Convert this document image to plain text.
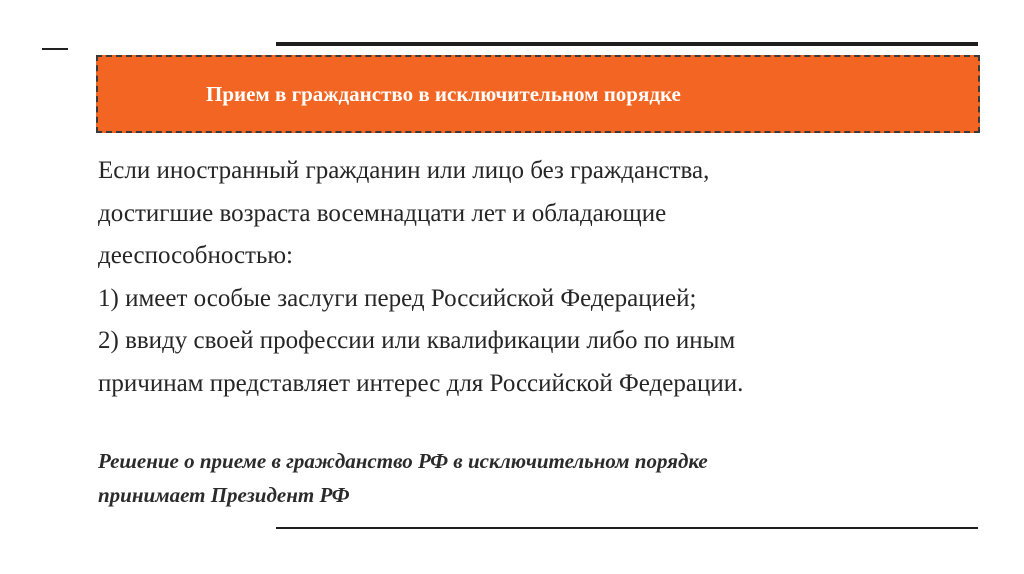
Прием в гражданство в исключительном порядке

Если иностранный гражданин или лицо без гражданства,
достигшие возраста восемнадцати лет и обладающие
дееспособностью:
1) имеет особые заслуги перед Российской Федерацией;
2) ввиду своей профессии или квалификации либо по иным
причинам представляет интерес для Российской Федерации.

Решение о приеме в гражданство РФ в исключительном порядке
принимает Президент РФ
